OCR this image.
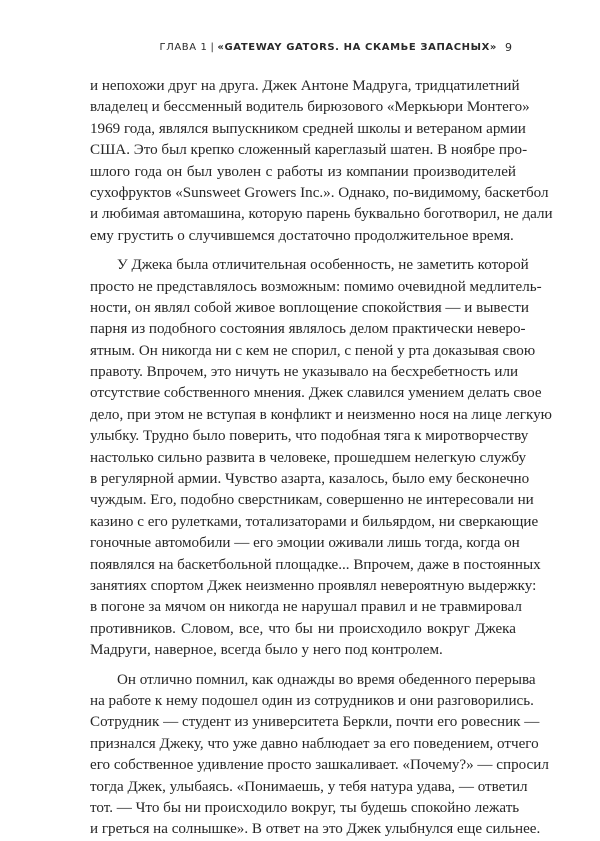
ГЛАВА 1 | «GATEWAY GATORS. НА СКАМЬЕ ЗАПАСНЫХ» 9

и непохожи друг на друга. Джек Антоне Мадруга, тридцатилетний
владелец и бессменный водитель бирюзового «Меркьюри Монтего»
1969 года, являлся выпускником средней школы и ветераном армии
США. Это был крепко сложенный кареглазый шатен. В ноябре про-
шлого года он был уволен с работы из компании производителей
сухофруктов «Sunsweet Growers Inc.». Однако, по-видимому, баскетбол
и любимая автомашина, которую парень буквально боготворил, не дали
ему грустить о случившемся достаточно продолжительное время.

У Джека была отличительная особенность, не заметить которой
просто не представлялось возможным: помимо очевидной медлитель-
ности, он являл собой живое воплощение спокойствия — и вывести
парня из подобного состояния являлось делом практически неверо-
ятным. Он никогда ни с кем не спорил, с пеной у рта доказывая свою
правоту. Впрочем, это ничуть не указывало на бесхребетность или
отсутствие собственного мнения. Джек славился умением делать свое
дело, при этом не вступая в конфликт и неизменно нося на лице легкую
улыбку. Трудно было поверить, что подобная тяга к миротворчеству
настолько сильно развита в человеке, прошедшем нелегкую службу
в регулярной армии. Чувство азарта, казалось, было ему бесконечно
чуждым. Его, подобно сверстникам, совершенно не интересовали ни
казино с его рулетками, тотализаторами и бильярдом, ни сверкающие
гоночные автомобили — его эмоции оживали лишь тогда, когда он
появлялся на баскетбольной площадке... Впрочем, даже в постоянных
занятиях спортом Джек неизменно проявлял невероятную выдержку:
в погоне за мячом он никогда не нарушал правил и не травмировал
противников. Словом, все, что бы ни происходило вокруг Джека
Мадруги, наверное, всегда было у него под контролем.

Он отлично помнил, как однажды во время обеденного перерыва
на работе к нему подошел один из сотрудников и они разговорились.
Сотрудник — студент из университета Беркли, почти его ровесник —
признался Джеку, что уже давно наблюдает за его поведением, отчего
его собственное удивление просто зашкаливает. «Почему?» — спросил
тогда Джек, улыбаясь. «Понимаешь, у тебя натура удава, — ответил
тот. — Что бы ни происходило вокруг, ты будешь спокойно лежать
и греться на солнышке». В ответ на это Джек улыбнулся еще сильнее.
